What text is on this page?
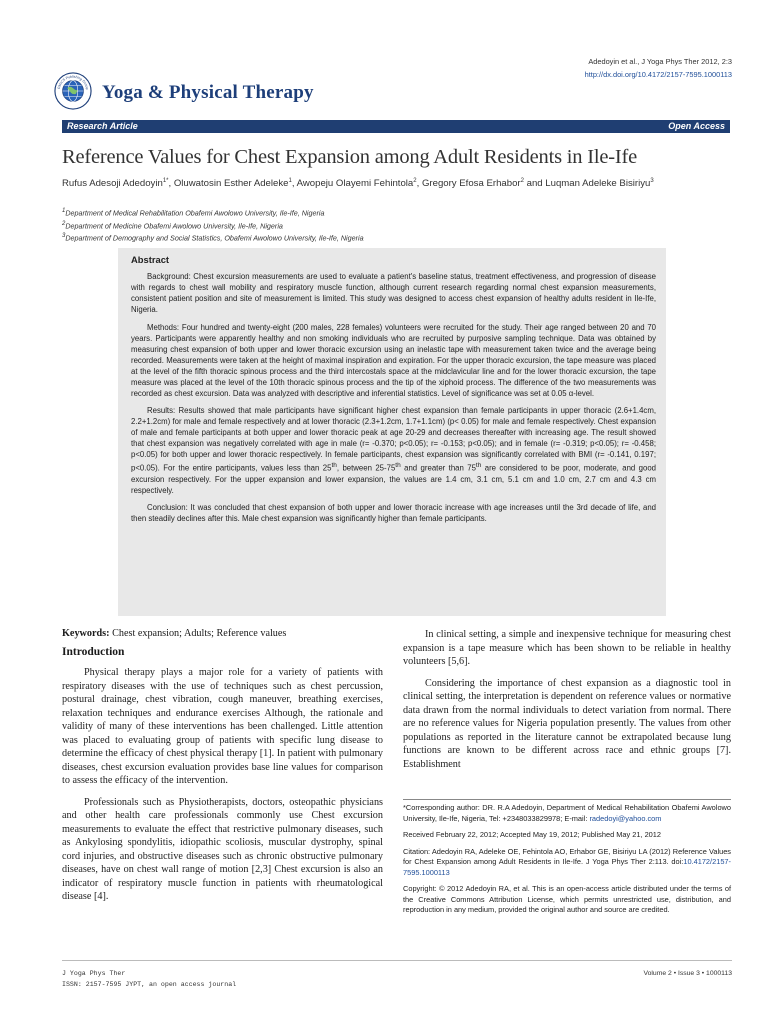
Adedoyin et al., J Yoga Phys Ther 2012, 2:3
http://dx.doi.org/10.4172/2157-7595.1000113
OMICS Publishing Group Yoga & Physical Therapy
Research Article	Open Access
Reference Values for Chest Expansion among Adult Residents in Ile-Ife
Rufus Adesoji Adedoyin$^{1*}$, Oluwatosin Esther Adeleke$^1$, Awopeju Olayemi Fehintola$^2$, Gregory Efosa Erhabor$^2$ and Luqman Adeleke Bisiriyu$^3$
$^1$Department of Medical Rehabilitation Obafemi Awolowo University, Ile-Ife, Nigeria
$^2$Department of Medicine Obafemi Awolowo University, Ile-Ife, Nigeria
$^3$Department of Demography and Social Statistics, Obafemi Awolowo University, Ile-Ife, Nigeria
Abstract

Background: Chest excursion measurements are used to evaluate a patient's baseline status, treatment effectiveness, and progression of disease with regards to chest wall mobility and respiratory muscle function, although current research regarding normal chest expansion measurements, consistent patient position and site of measurement is limited. This study was designed to access chest expansion of healthy adults resident in Ile-Ife, Nigeria.

Methods: Four hundred and twenty-eight (200 males, 228 females) volunteers were recruited for the study. Their age ranged between 20 and 70 years. Participants were apparently healthy and non smoking individuals who are recruited by purposive sampling technique. Data was obtained by measuring chest expansion of both upper and lower thoracic excursion using an inelastic tape with measurement taken twice and the average being recorded. Measurements were taken at the height of maximal inspiration and expiration. For the upper thoracic excursion, the tape measure was placed at the level of the fifth thoracic spinous process and the third intercostals space at the midclavicular line and for the lower thoracic excursion, the tape measure was placed at the level of the 10th thoracic spinous process and the tip of the xiphoid process. The difference of the two measurements was recorded as chest excursion. Data was analyzed with descriptive and inferential statistics. Level of significance was set at 0.05 α-level.

Results: Results showed that male participants have significant higher chest expansion than female participants in upper thoracic (2.6+1.4cm, 2.2+1.2cm) for male and female respectively and at lower thoracic (2.3+1.2cm, 1.7+1.1cm) (p< 0.05) for male and female respectively. Chest expansion of male and female participants at both upper and lower thoracic peak at age 20-29 and decreases thereafter with increasing age. The result showed that chest expansion was negatively correlated with age in male (r= -0.370; p<0.05); r= -0.153; p<0.05); and in female (r= -0.319; p<0.05); r= -0.458; p<0.05) for both upper and lower thoracic respectively. In female participants, chest expansion was significantly correlated with BMI (r= -0.141, 0.197; p<0.05). For the entire participants, values less than 25th, between 25-75th and greater than 75th are considered to be poor, moderate, and good excursion respectively. For the upper expansion and lower expansion, the values are 1.4 cm, 3.1 cm, 5.1 cm and 1.0 cm, 2.7 cm and 4.3 cm respectively.

Conclusion: It was concluded that chest expansion of both upper and lower thoracic increase with age increases until the 3rd decade of life, and then steadily declines after this. Male chest expansion was significantly higher than female participants.

Keywords: Chest expansion; Adults; Reference values
Introduction

Physical therapy plays a major role for a variety of patients with respiratory diseases with the use of techniques such as chest percussion, postural drainage, chest vibration, cough maneuver, breathing exercises, relaxation techniques and endurance exercises Although, the rationale and validity of many of these interventions has been challenged. Little attention was placed to evaluating group of patients with specific lung disease to determine the efficacy of chest physical therapy [1]. In patient with pulmonary diseases, chest excursion evaluation provides base line values for comparison to assess the efficacy of the intervention.

Professionals such as Physiotherapists, doctors, osteopathic physicians and other health care professionals commonly use Chest excursion measurements to evaluate the effect that restrictive pulmonary diseases, such as Ankylosing spondylitis, idiopathic scoliosis, muscular dystrophy, spinal cord injuries, and obstructive diseases such as chronic obstructive pulmonary diseases, have on chest wall range of motion [2,3] Chest excursion is also an indicator of respiratory muscle function in patients with rheumatological disease [4].

In clinical setting, a simple and inexpensive technique for measuring chest expansion is a tape measure which has been shown to be reliable in healthy volunteers [5,6].

Considering the importance of chest expansion as a diagnostic tool in clinical setting, the interpretation is dependent on reference values or normative data drawn from the normal individuals to detect variation from normal. There are no reference values for Nigeria population presently. The values from other populations as reported in the literature cannot be extrapolated because lung functions are known to be different across race and ethnic groups [7]. Establishment

*Corresponding author: DR. R.A Adedoyin, Department of Medical Rehabilitation Obafemi Awolowo University, Ile-Ife, Nigeria, Tel: +2348033829978; E-mail: radedoyi@yahoo.com

Received February 22, 2012; Accepted May 19, 2012; Published May 21, 2012

Citation: Adedoyin RA, Adeleke OE, Fehintola AO, Erhabor GE, Bisiriyu LA (2012) Reference Values for Chest Expansion among Adult Residents in Ile-Ife. J Yoga Phys Ther 2:113. doi:10.4172/2157-7595.1000113

Copyright: © 2012 Adedoyin RA, et al. This is an open-access article distributed under the terms of the Creative Commons Attribution License, which permits unrestricted use, distribution, and reproduction in any medium, provided the original author and source are credited.

J Yoga Phys Ther
ISSN: 2157-7595 JYPT, an open access journal
Volume 2 • Issue 3 • 1000113
